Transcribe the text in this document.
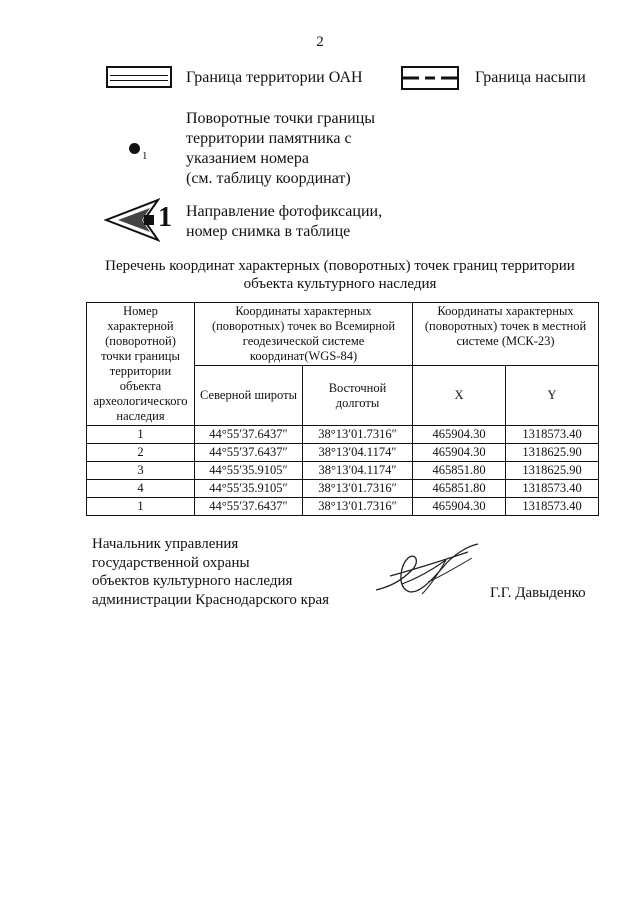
2
Граница территории ОАН	Граница насыпи
1
Поворотные точки границы
территории памятника с
указанием номера
(см. таблицу координат)
1 Направление фотофиксации,
номер снимка в таблице
Перечень координат характерных (поворотных) точек границ территории
объекта культурного наследия
Номер характерной (поворотной) точки границы территории объекта археологического наследия	Координаты характерных (поворотных) точек во Всемирной геодезической системе координат(WGS-84)		Координаты характерных (поворотных) точек в местной системе (МСК-23)	
	Северной широты	Восточной долготы	X	Y
1	44°55′37.6437″	38°13′01.7316″	465904.30	1318573.40
2	44°55′37.6437″	38°13′04.1174″	465904.30	1318625.90
3	44°55′35.9105″	38°13′04.1174″	465851.80	1318625.90
4	44°55′35.9105″	38°13′01.7316″	465851.80	1318573.40
1	44°55′37.6437″	38°13′01.7316″	465904.30	1318573.40
Начальник управления
государственной охраны
объектов культурного наследия
администрации Краснодарского края	Г.Г. Давыденко
